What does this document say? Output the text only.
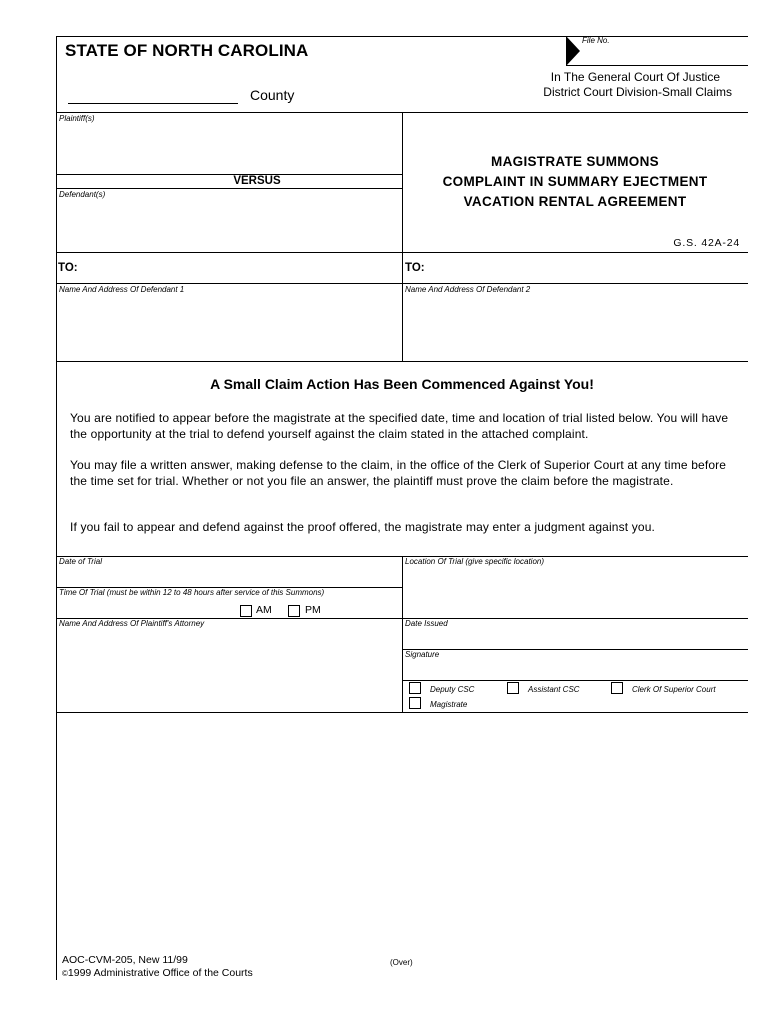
STATE OF NORTH CAROLINA
County
File No.
In The General Court Of Justice
District Court Division-Small Claims
Plaintiff(s)
VERSUS
Defendant(s)
MAGISTRATE SUMMONS
COMPLAINT IN SUMMARY EJECTMENT
VACATION RENTAL AGREEMENT
G.S. 42A-24
TO:	TO:
Name And Address Of Defendant 1	Name And Address Of Defendant 2
A Small Claim Action Has Been Commenced Against You!
You are notified to appear before the magistrate at the specified date, time and location of trial listed below. You will have the opportunity at the trial to defend yourself against the claim stated in the attached complaint.
You may file a written answer, making defense to the claim, in the office of the Clerk of Superior Court at any time before the time set for trial. Whether or not you file an answer, the plaintiff must prove the claim before the magistrate.
If you fail to appear and defend against the proof offered, the magistrate may enter a judgment against you.
Date of Trial	Location Of Trial (give specific location)
Time Of Trial (must be within 12 to 48 hours after service of this Summons)
AM	PM
Name And Address Of Plaintiff's Attorney	Date Issued
Signature
Deputy CSC	Assistant CSC	Clerk Of Superior Court
Magistrate
AOC-CVM-205, New 11/99
©1999 Administrative Office of the Courts
(Over)
